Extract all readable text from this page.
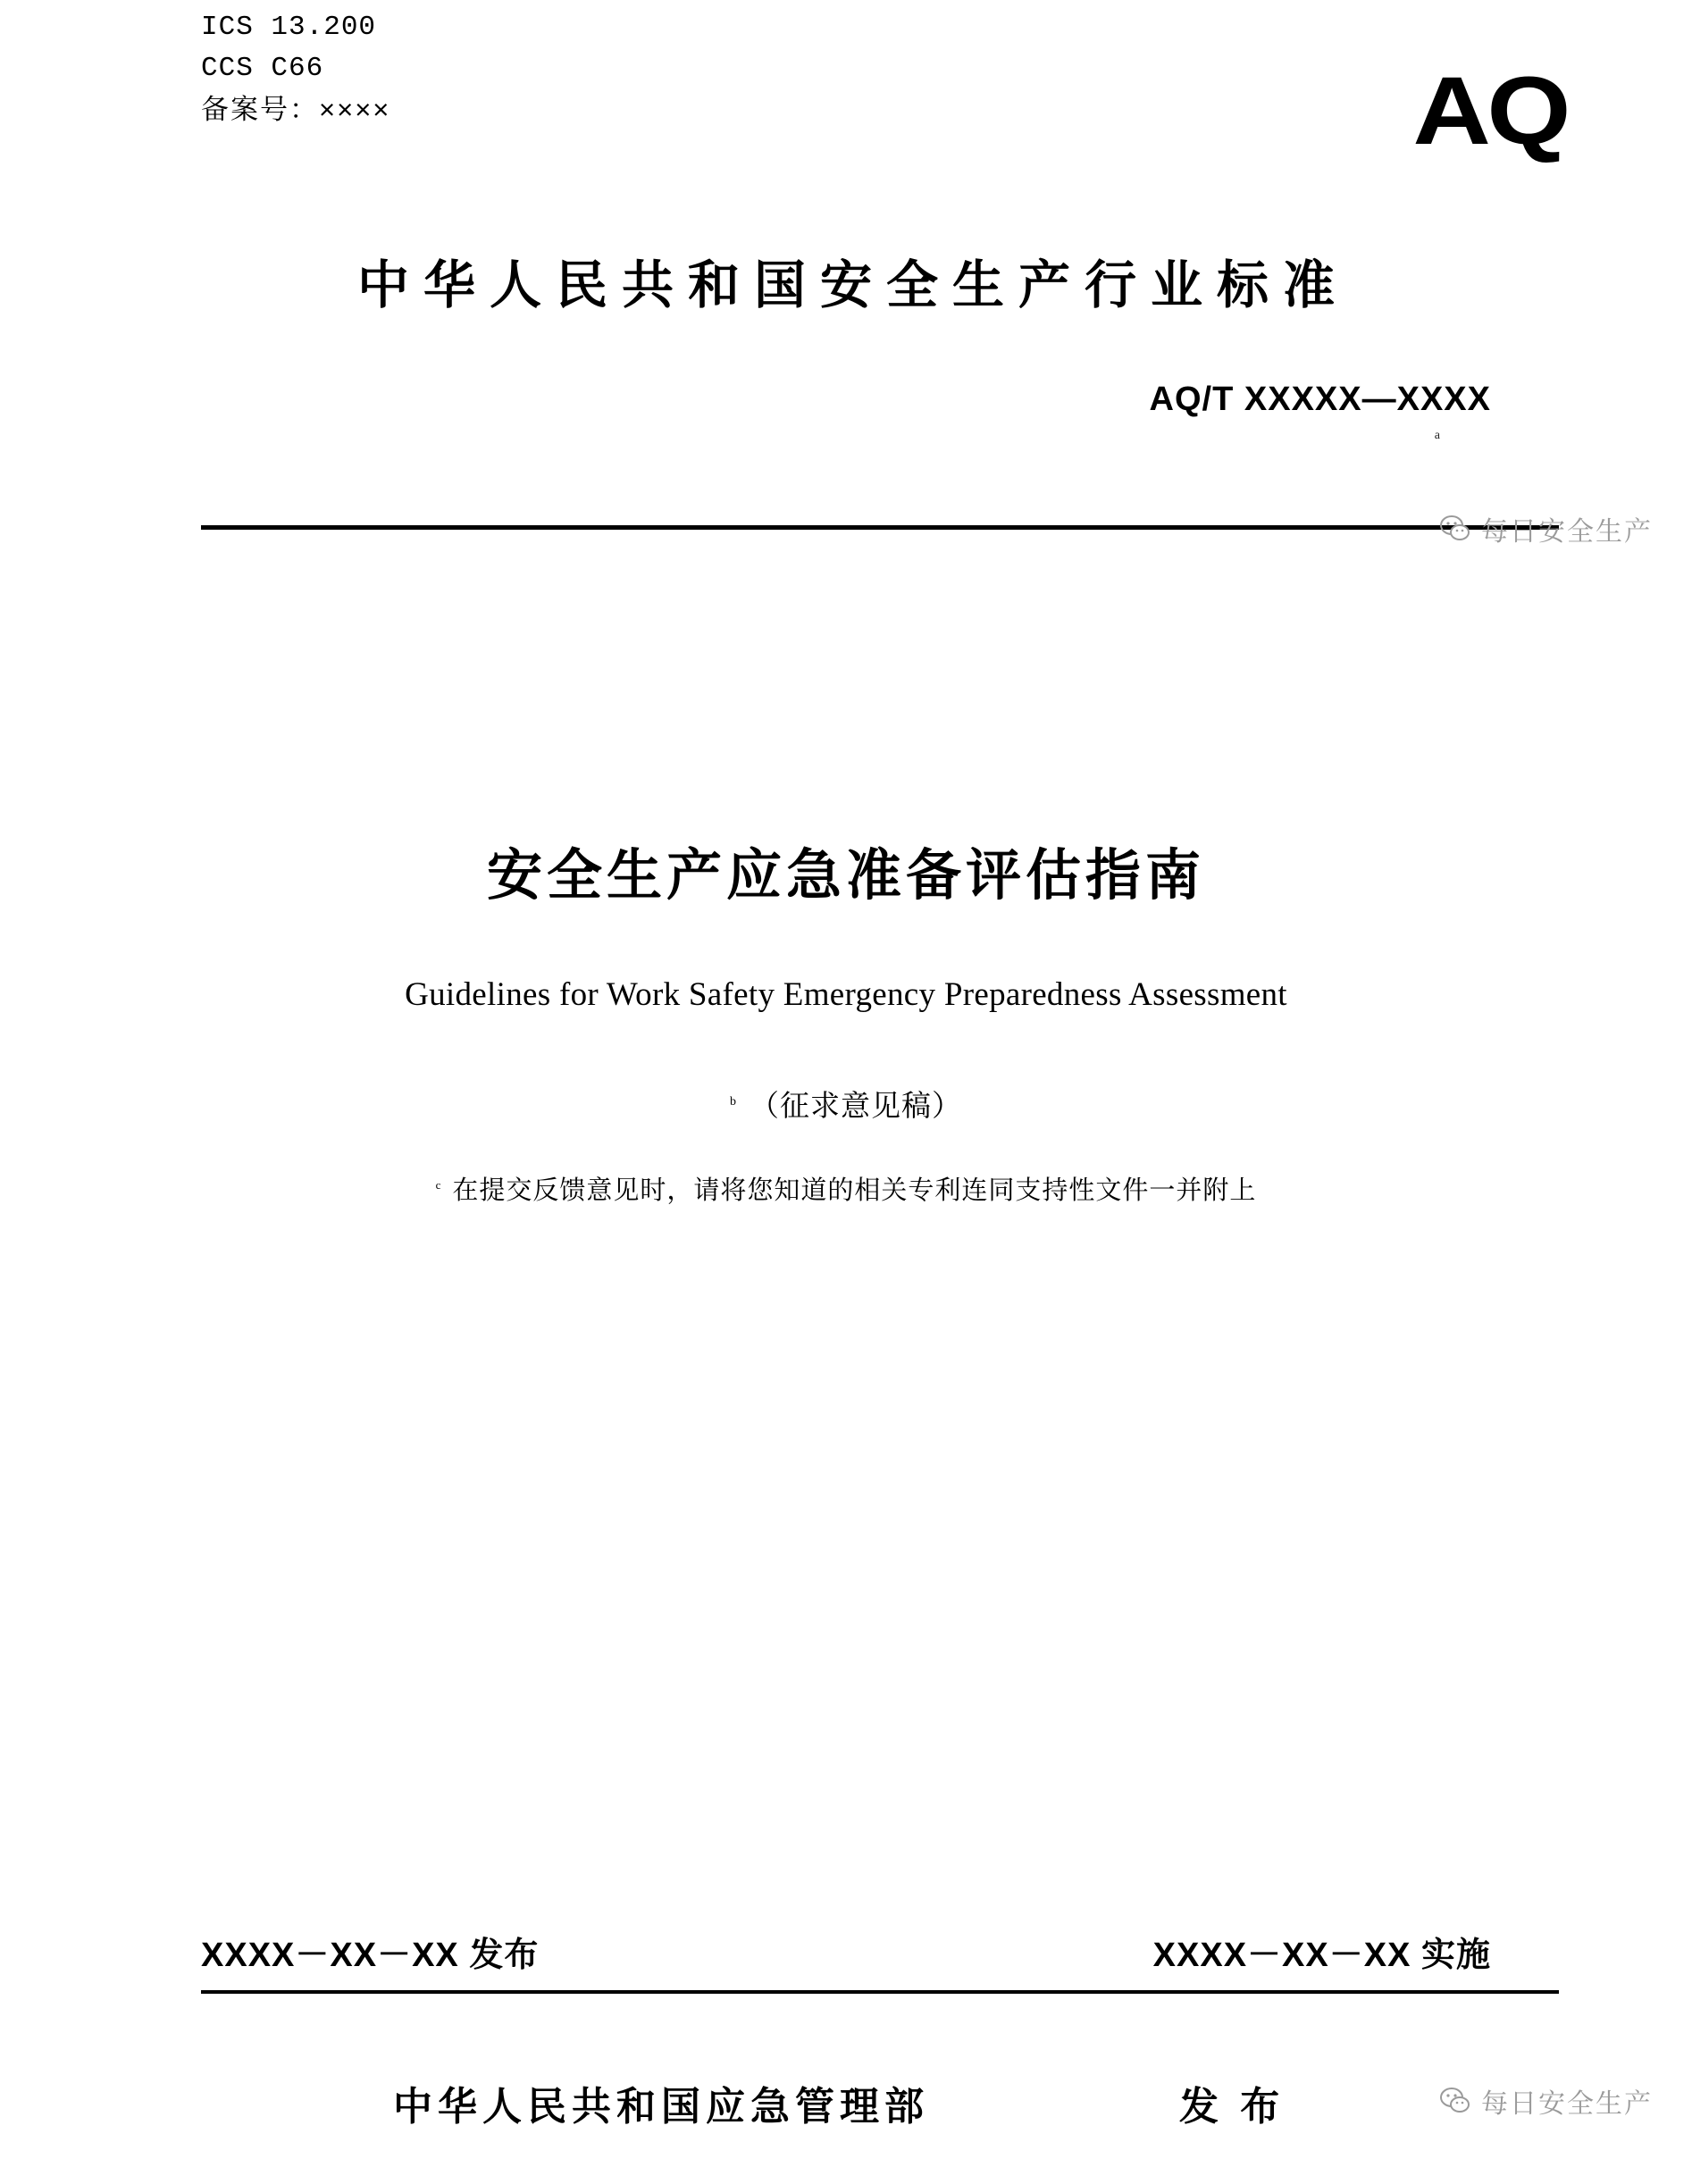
ICS 13.200
CCS C66
备案号：××××	AQ
中华人民共和国安全生产行业标准
AQ/T XXXXX—XXXX
a
每日安全生产
安全生产应急准备评估指南
Guidelines for Work Safety Emergency Preparedness Assessment
$^b$ （征求意见稿）
$^c$ 在提交反馈意见时，请将您知道的相关专利连同支持性文件一并附上
XXXX－XX－XX 发布	XXXX－XX－XX 实施
中华人民共和国应急管理部	发 布	每日安全生产
